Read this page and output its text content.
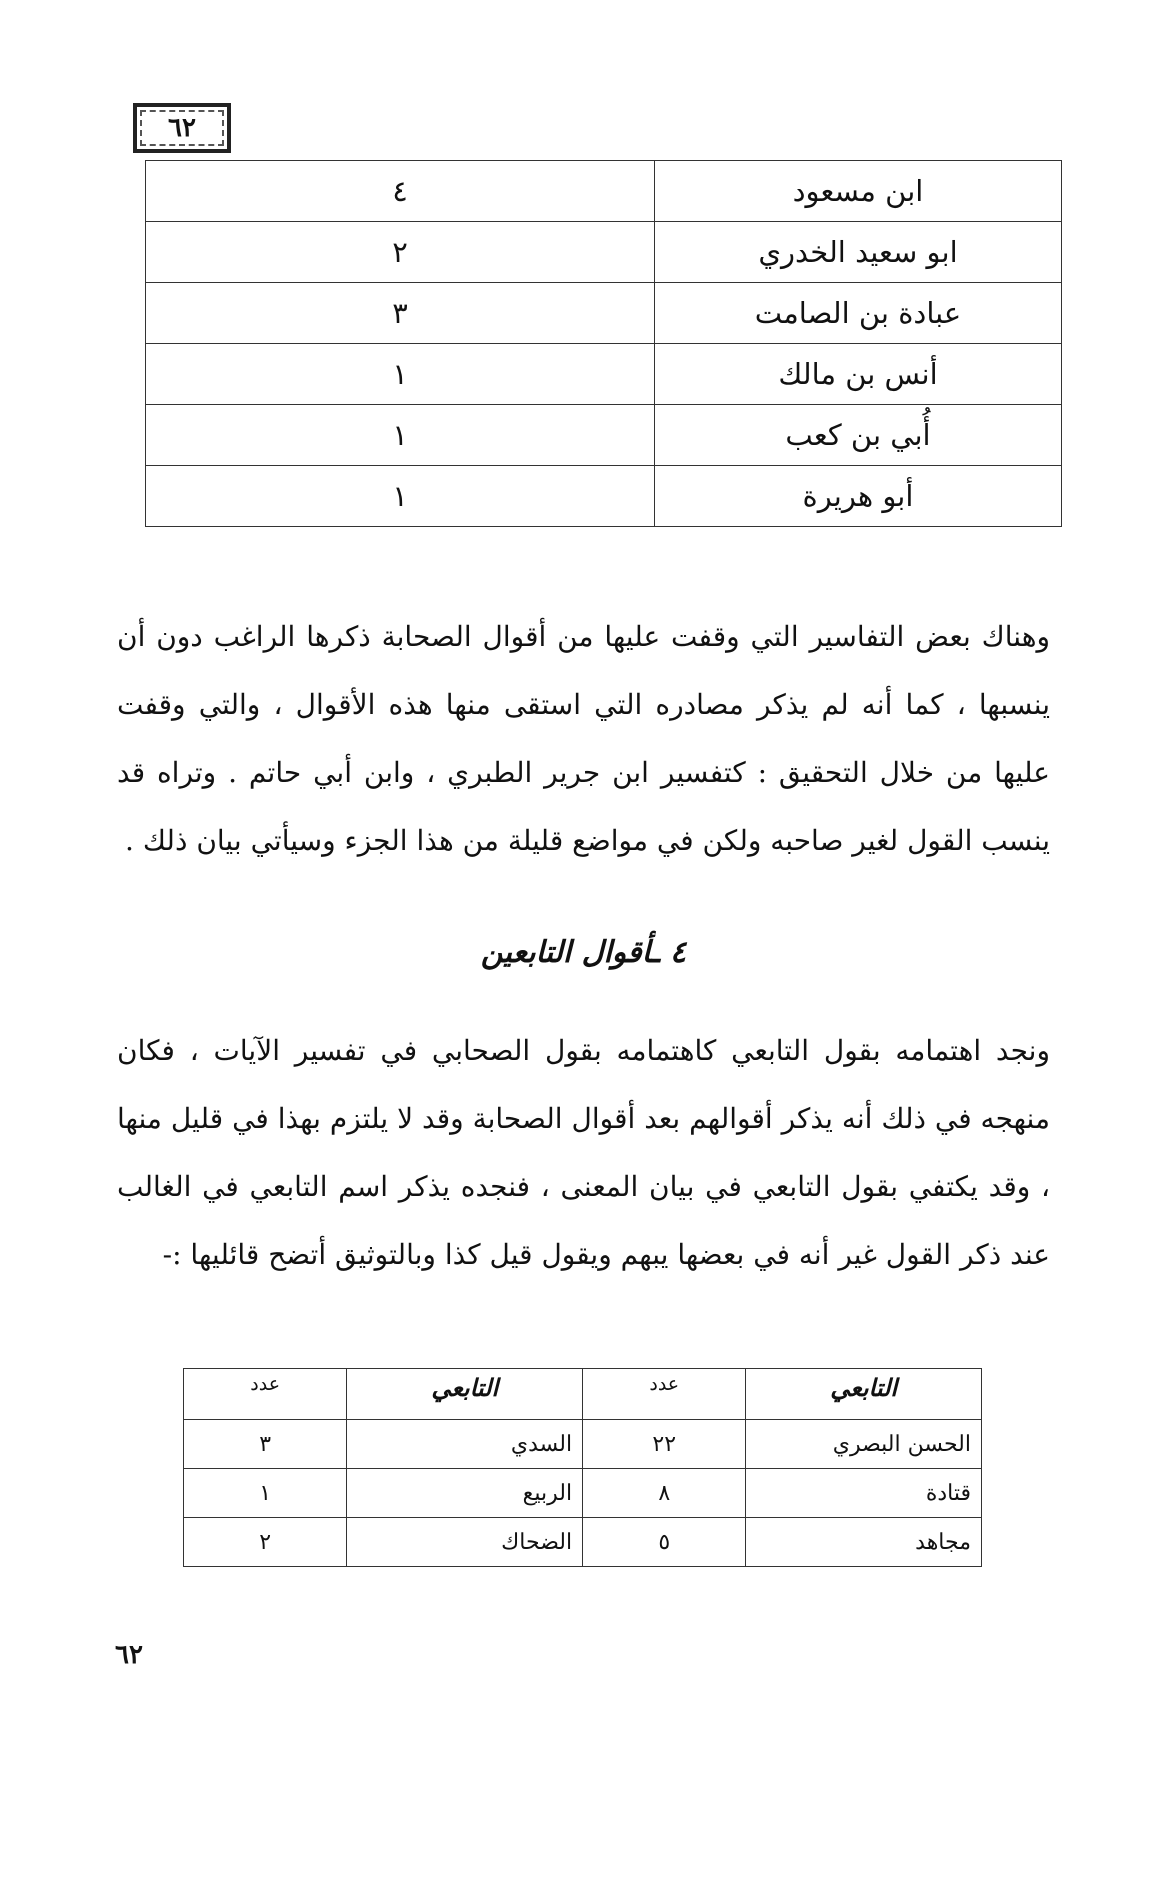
٦٢
ابن مسعود	٤
ابو سعيد الخدري	٢
عبادة بن الصامت	٣
أنس بن مالك	١
أُبي بن كعب	١
أبو هريرة	١

وهناك بعض التفاسير التي وقفت عليها من أقوال الصحابة ذكرها الراغب دون أن ينسبها ، كما أنه لم يذكر مصادره التي استقى منها هذه الأقوال ، والتي وقفت عليها من خلال التحقيق : كتفسير ابن جرير الطبري ، وابن أبي حاتم . وتراه قد ينسب القول لغير صاحبه ولكن في مواضع قليلة من هذا الجزء وسيأتي بيان ذلك .

٤ ـأقوال التابعين

ونجد اهتمامه بقول التابعي كاهتمامه بقول الصحابي في تفسير الآيات ، فكان منهجه في ذلك أنه يذكر أقوالهم بعد أقوال الصحابة وقد لا يلتزم بهذا في قليل منها ، وقد يكتفي بقول التابعي في بيان المعنى ، فنجده يذكر اسم التابعي في الغالب عند ذكر القول غير أنه في بعضها يبهم ويقول قيل كذا وبالتوثيق أتضح قائليها :-

التابعي	عدد	التابعي	عدد
الحسن البصري	٢٢	السدي	٣
قتادة	٨	الربيع	١
مجاهد	٥	الضحاك	٢
٦٢
